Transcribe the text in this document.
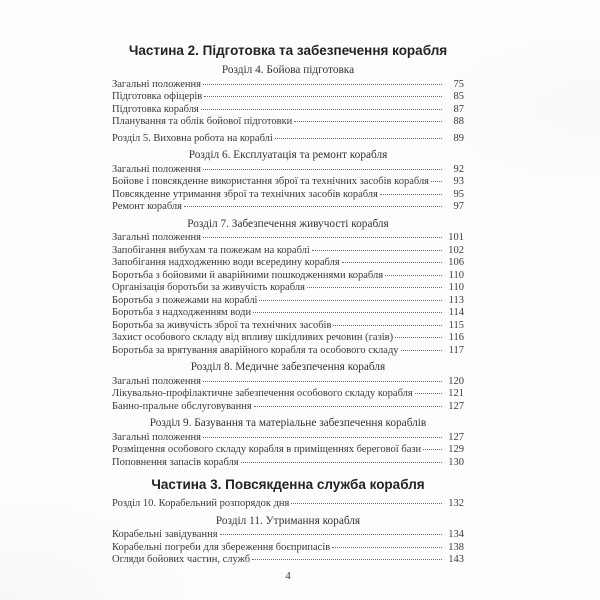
Частина 2. Підготовка та забезпечення корабля
Розділ 4. Бойова підготовка
Загальні положення	75
Підготовка офіцерів	85
Підготовка корабля	87
Планування та облік бойової підготовки	88
Розділ 5. Виховна робота на кораблі	89
Розділ 6. Експлуатація та ремонт корабля
Загальні положення	92
Бойове і повсякденне використання зброї та технічних засобів корабля	93
Повсякденне утримання зброї та технічних засобів корабля	95
Ремонт корабля	97
Розділ 7. Забезпечення живучості корабля
Загальні положення	101
Запобігання вибухам та пожежам на кораблі	102
Запобігання надходженню води всередину корабля	106
Боротьба з бойовими й аварійними пошкодженнями корабля	110
Організація боротьби за живучість корабля	110
Боротьба з пожежами на кораблі	113
Боротьба з надходженням води	114
Боротьба за живучість зброї та технічних засобів	115
Захист особового складу від впливу шкідливих речовин (газів)	116
Боротьба за врятування аварійного корабля та особового складу	117
Розділ 8. Медичне забезпечення корабля
Загальні положення	120
Лікувально-профілактичне забезпечення особового складу корабля	121
Банно-пральне обслуговування	127
Розділ 9. Базування та матеріальне забезпечення кораблів
Загальні положення	127
Розміщення особового складу корабля в приміщеннях берегової бази	129
Поповнення запасів корабля	130
Частина 3. Повсякденна служба корабля
Розділ 10. Корабельний розпорядок дня	132
Розділ 11. Утримання корабля
Корабельні завідування	134
Корабельні погреби для збереження боєприпасів	138
Огляди бойових частин, служб	143
4
